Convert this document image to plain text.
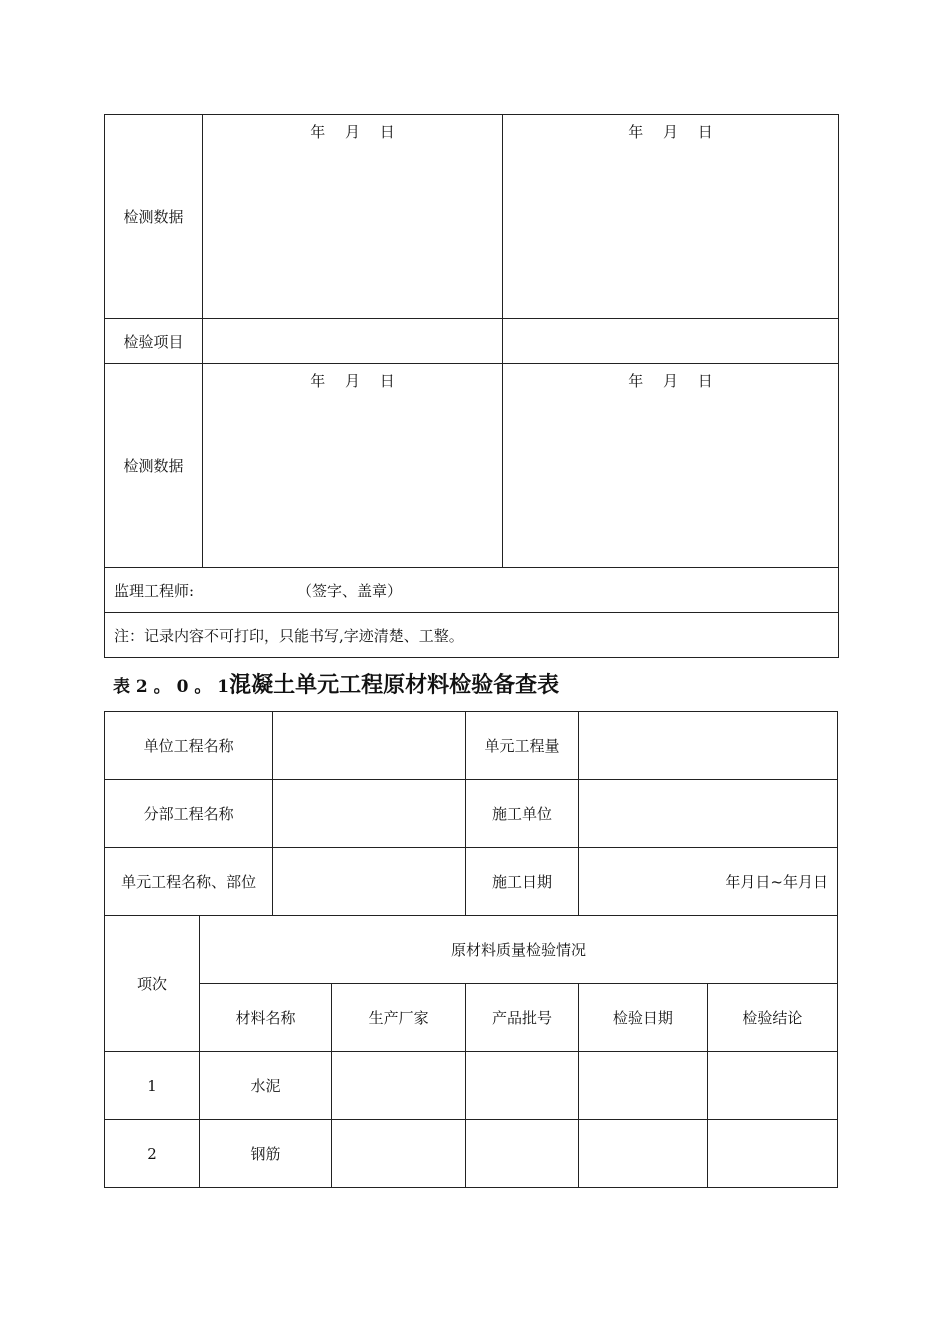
检测数据	年　 月　 日	年　 月　 日
检验项目		
检测数据	年　 月　 日	年　 月　 日
监理工程师: （签字、盖章）		
注：记录内容不可打印，只能书写,字迹清楚、工整。		
表 2 。 0 。 1混凝土单元工程原材料检验备查表
单位工程名称				单元工程量		
分部工程名称				施工单位		
单元工程名称、部位				施工日期	年月日~年月日	
项次	原材料质量检验情况					
	材料名称		生产厂家	产品批号	检验日期	检验结论
1	水泥					
2	钢筋					
